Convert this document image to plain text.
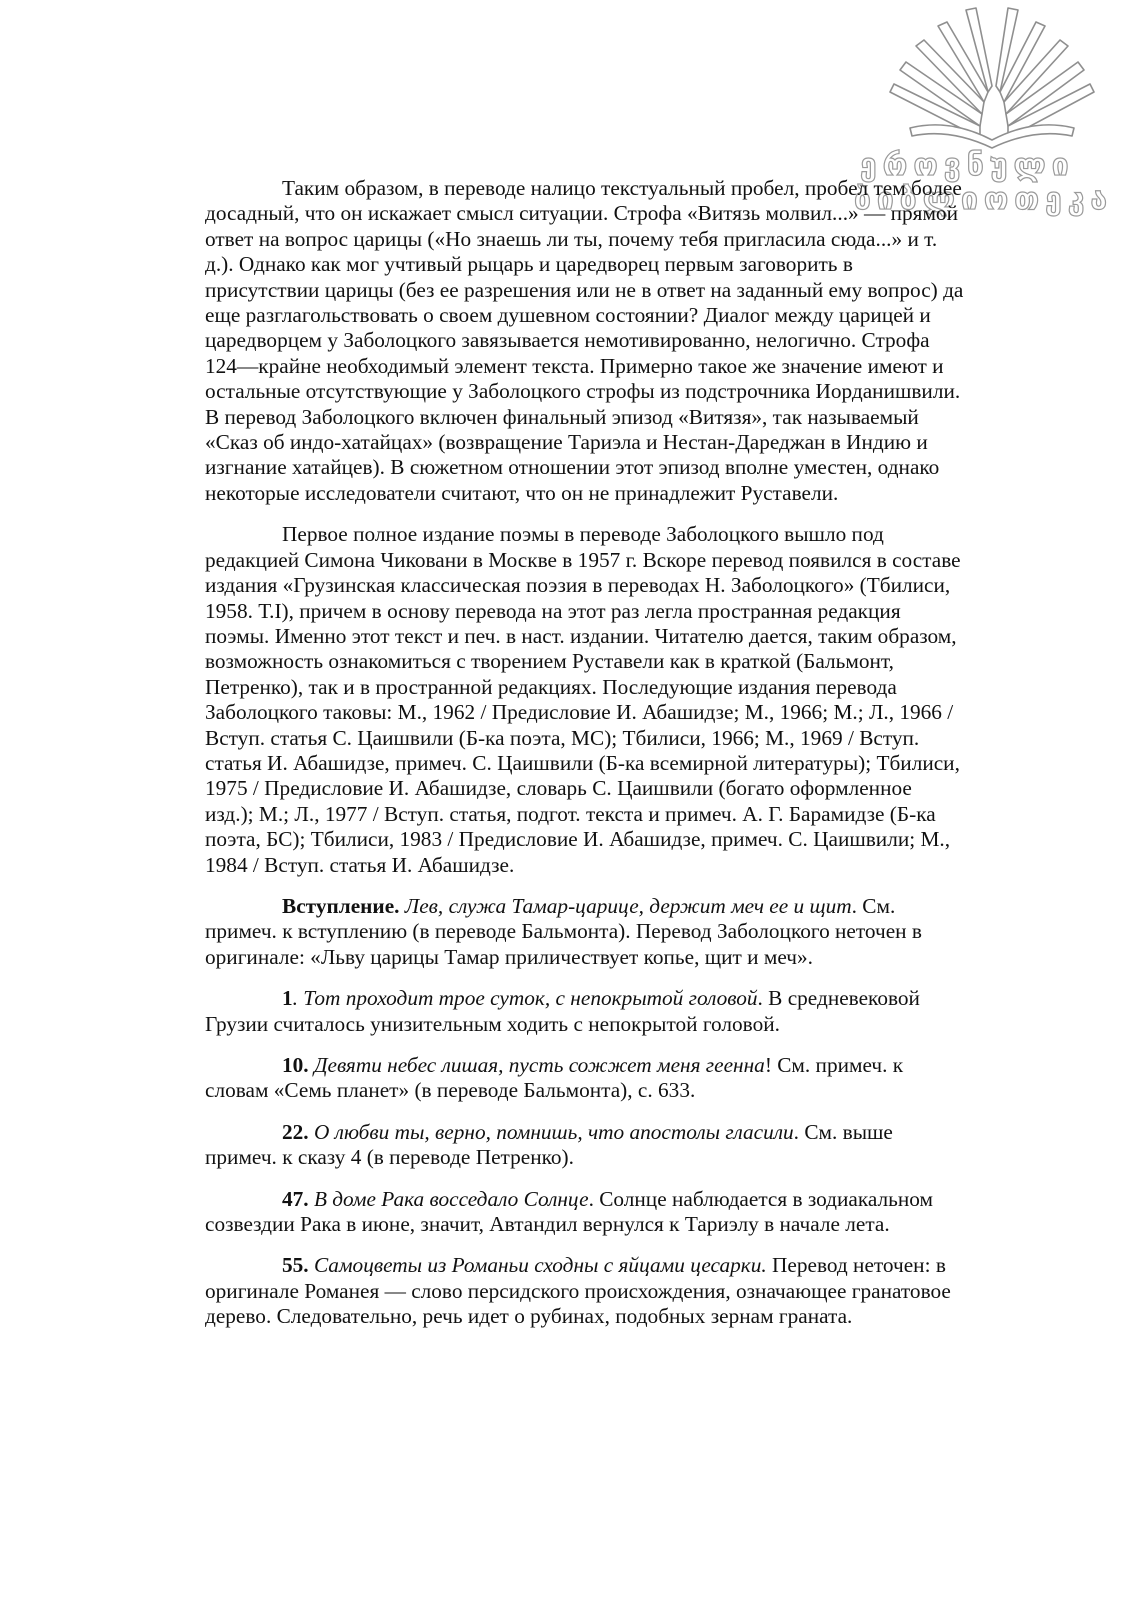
ეროვნული
ბიბლიოთეკა

Таким образом, в переводе налицо текстуальный пробел, пробел тем более досадный, что он искажает смысл ситуации. Строфа «Витязь молвил...» — прямой ответ на вопрос царицы («Но знаешь ли ты, почему тебя пригласила сюда...» и т. д.). Однако как мог учтивый рыцарь и царедворец первым заговорить в присутствии царицы (без ее разрешения или не в ответ на заданный ему вопрос) да еще разглагольствовать о своем душевном состоянии? Диалог между царицей и царедворцем у Заболоцкого завязывается немотивированно, нелогично. Строфа 124—крайне необходимый элемент текста. Примерно такое же значение имеют и остальные отсутствующие у Заболоцкого строфы из подстрочника Иорданишвили. В перевод Заболоцкого включен финальный эпизод «Витязя», так называемый «Сказ об индо-хатайцах» (возвращение Тариэла и Нестан-Дареджан в Индию и изгнание хатайцев). В сюжетном отношении этот эпизод вполне уместен, однако некоторые исследователи считают, что он не принадлежит Руставели.

Первое полное издание поэмы в переводе Заболоцкого вышло под редакцией Симона Чиковани в Москве в 1957 г. Вскоре перевод появился в составе издания «Грузинская классическая поэзия в переводах Н. Заболоцкого» (Тбилиси, 1958. Т.I), причем в основу перевода на этот раз легла пространная редакция поэмы. Именно этот текст и печ. в наст. издании. Читателю дается, таким образом, возможность ознакомиться с творением Руставели как в краткой (Бальмонт, Петренко), так и в пространной редакциях. Последующие издания перевода Заболоцкого таковы: М., 1962 / Предисловие И. Абашидзе; М., 1966; М.; Л., 1966 / Вступ. статья С. Цаишвили (Б-ка поэта, МС); Тбилиси, 1966; М., 1969 / Вступ. статья И. Абашидзе, примеч. С. Цаишвили (Б-ка всемирной литературы); Тбилиси, 1975 / Предисловие И. Абашидзе, словарь С. Цаишвили (богато оформленное изд.); М.; Л., 1977 / Вступ. статья, подгот. текста и примеч. А. Г. Барамидзе (Б-ка поэта, БС); Тбилиси, 1983 / Предисловие И. Абашидзе, примеч. С. Цаишвили; М., 1984 / Вступ. статья И. Абашидзе.

Вступление. Лев, служа Тамар-царице, держит меч ее и щит. См. примеч. к вступлению (в переводе Бальмонта). Перевод Заболоцкого неточен в оригинале: «Льву царицы Тамар приличествует копье, щит и меч».

1. Тот проходит трое суток, с непокрытой головой. В средневековой Грузии считалось унизительным ходить с непокрытой головой.

10. Девяти небес лишая, пусть сожжет меня геенна! См. примеч. к словам «Семь планет» (в переводе Бальмонта), с. 633.

22. О любви ты, верно, помнишь, что апостолы гласили. См. выше примеч. к сказу 4 (в переводе Петренко).

47. В доме Рака восседало Солнце. Солнце наблюдается в зодиакальном созвездии Рака в июне, значит, Автандил вернулся к Тариэлу в начале лета.

55. Самоцветы из Романьи сходны с яйцами цесарки. Перевод неточен: в оригинале Романея — слово персидского происхождения, означающее гранатовое дерево. Следовательно, речь идет о рубинах, подобных зернам граната.
